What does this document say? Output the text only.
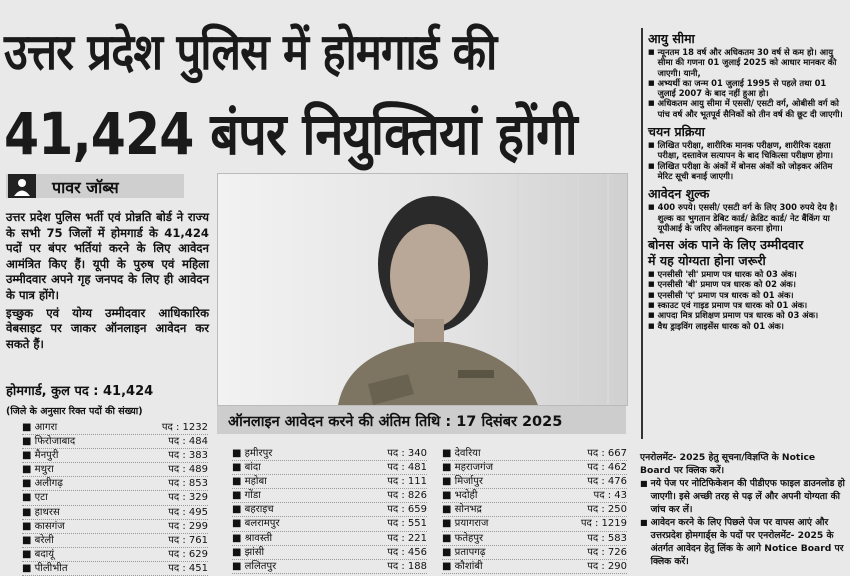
उत्तर प्रदेश पुलिस में होमगार्ड की
41,424 बंपर नियुक्तियां होंगी
पावर जॉब्स
उत्तर प्रदेश पुलिस भर्ती एवं प्रोन्नति बोर्ड ने राज्य के सभी 75 जिलों में होमगार्ड के 41,424 पदों पर बंपर भर्तियां करने के लिए आवेदन आमंत्रित किए हैं। यूपी के पुरुष एवं महिला उम्मीदवार अपने गृह जनपद के लिए ही आवेदन के पात्र होंगे।
इच्छुक एवं योग्य उम्मीदवार आधिकारिक वेबसाइट पर जाकर ऑनलाइन आवेदन कर सकते हैं।
होमगार्ड, कुल पद : 41,424
(जिले के अनुसार रिक्त पदों की संख्या)
ऑनलाइन आवेदन करने की अंतिम तिथि : 17 दिसंबर 2025
■ आगरा	पद : 1232
■ फिरोजाबाद	पद : 484
■ मैनपुरी	पद : 383
■ मथुरा	पद : 489
■ अलीगढ़	पद : 853
■ एटा	पद : 329
■ हाथरस	पद : 495
■ कासगंज	पद : 299
■ बरेली	पद : 761
■ बदायूं	पद : 629
■ पीलीभीत	पद : 451
■ हमीरपुर	पद : 340
■ बांदा	पद : 481
■ महोबा	पद : 111
■ गोंडा	पद : 826
■ बहराइच	पद : 659
■ बलरामपुर	पद : 551
■ श्रावस्ती	पद : 221
■ झांसी	पद : 456
■ ललितपुर	पद : 188
■ देवरिया	पद : 667
■ महराजगंज	पद : 462
■ मिर्जापुर	पद : 476
■ भदोही	पद : 43
■ सोनभद्र	पद : 250
■ प्रयागराज	पद : 1219
■ फतेहपुर	पद : 583
■ प्रतापगढ़	पद : 726
■ कौशांबी	पद : 290
आयु सीमा
■ न्यूनतम 18 वर्ष और अधिकतम 30 वर्ष से कम हो। आयु सीमा की गणना 01 जुलाई 2025 को आधार मानकर की जाएगी। यानी,
■ अभ्यर्थी का जन्म 01 जुलाई 1995 से पहले तथा 01 जुलाई 2007 के बाद नहीं हुआ हो।
■ अधिकतम आयु सीमा में एससी/ एसटी वर्ग, ओबीसी वर्ग को पांच वर्ष और भूतपूर्व सैनिकों को तीन वर्ष की छूट दी जाएगी।
चयन प्रक्रिया
■ लिखित परीक्षा, शारीरिक मानक परीक्षण, शारीरिक दक्षता परीक्षा, दस्तावेज सत्यापन के बाद चिकित्सा परीक्षण होगा।
■ लिखित परीक्षा के अंकों में बोनस अंकों को जोड़कर अंतिम मेरिट सूची बनाई जाएगी।
आवेदन शुल्क
■ 400 रुपये। एससी/ एसटी वर्ग के लिए 300 रुपये देय है। शुल्क का भुगतान डेबिट कार्ड/ क्रेडिट कार्ड/ नेट बैंकिंग या यूपीआई के जरिए ऑनलाइन करना होगा।
बोनस अंक पाने के लिए उम्मीदवार
में यह योग्यता होना जरूरी
■ एनसीसी 'सी' प्रमाण पत्र धारक को 03 अंक।
■ एनसीसी 'बी' प्रमाण पत्र धारक को 02 अंक।
■ एनसीसी 'ए' प्रमाण पत्र धारक को 01 अंक।
■ स्काउट एवं गाइड प्रमाण पत्र धारक को 01 अंक।
■ आपदा मित्र प्रशिक्षण प्रमाण पत्र धारक को 03 अंक।
■ वैध ड्राइविंग लाइसेंस धारक को 01 अंक।
एनरोलमेंट- 2025 हेतु सूचना/विज्ञप्ति के Notice Board पर क्लिक करें।
■ नये पेज पर नोटिफिकेशन की पीडीएफ फाइल डाउनलोड हो जाएगी। इसे अच्छी तरह से पढ़ लें और अपनी योग्यता की जांच कर लें।
■ आवेदन करने के लिए पिछले पेज पर वापस आएं और उत्तरप्रदेश होमगार्ड्स के पदों पर एनरोलमेंट- 2025 के अंतर्गत आवेदन हेतु लिंक के आगे Notice Board पर क्लिक करें।
